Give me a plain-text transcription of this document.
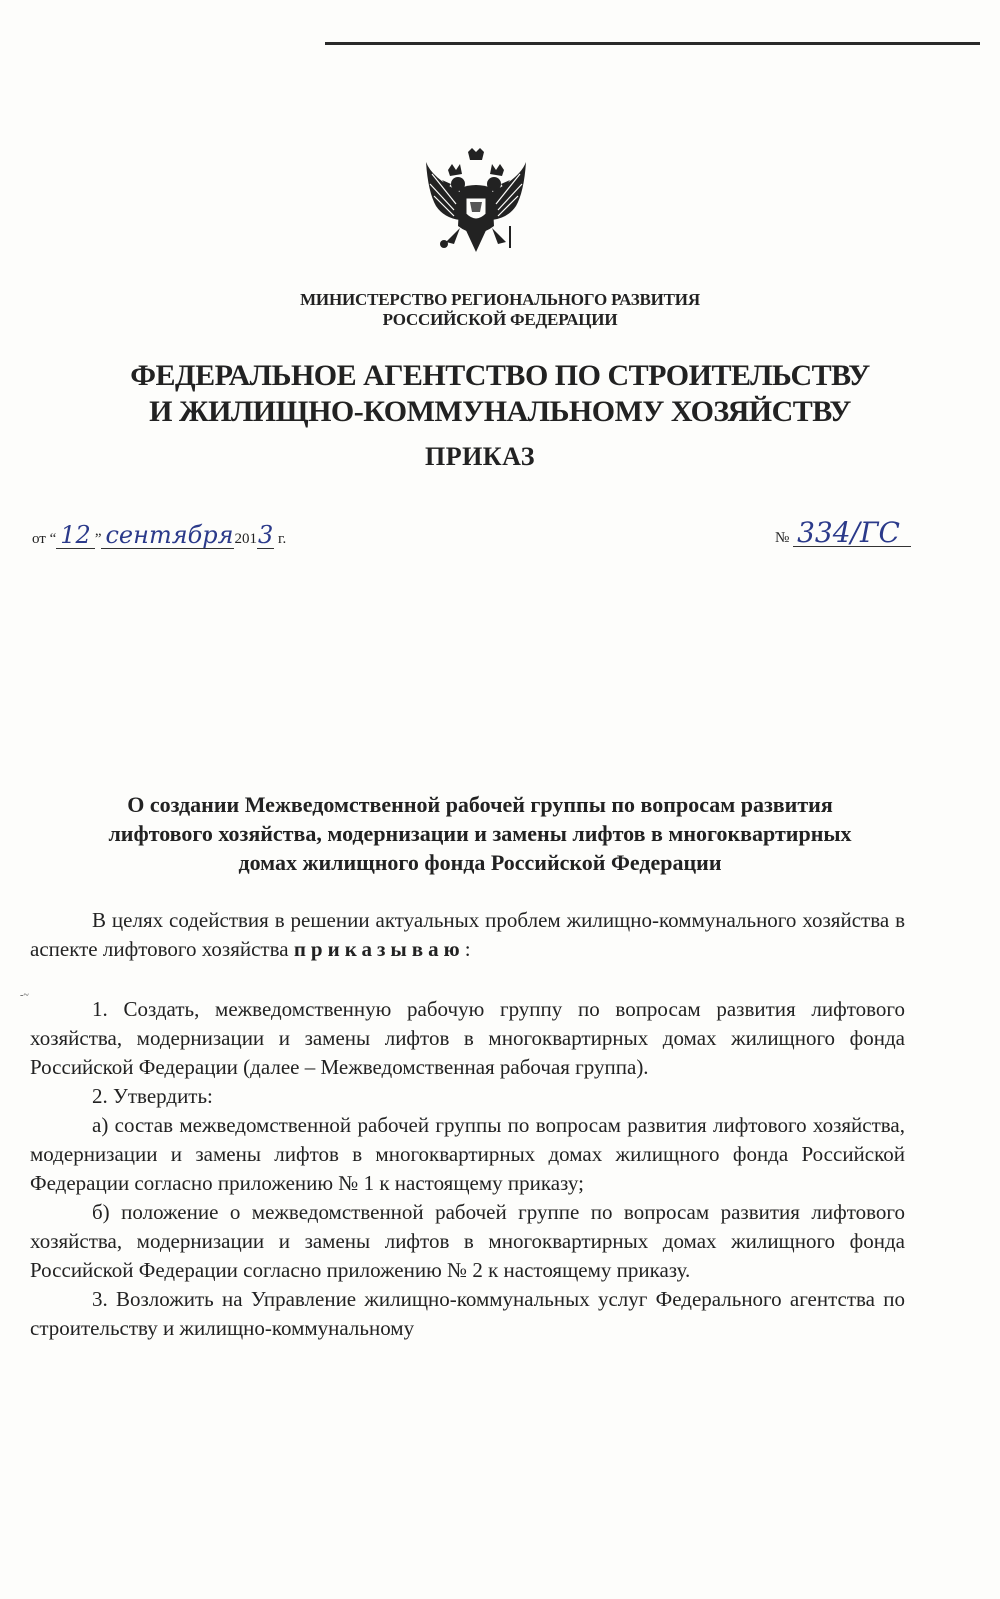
МИНИСТЕРСТВО РЕГИОНАЛЬНОГО РАЗВИТИЯ
РОССИЙСКОЙ ФЕДЕРАЦИИ
ФЕДЕРАЛЬНОЕ АГЕНТСТВО ПО СТРОИТЕЛЬСТВУ
И ЖИЛИЩНО-КОММУНАЛЬНОМУ ХОЗЯЙСТВУ
ПРИКАЗ
от “ 12 ” сентября2013 г.	№ 334/ГС
О создании Межведомственной рабочей группы по вопросам развития
лифтового хозяйства, модернизации и замены лифтов в многоквартирных
домах жилищного фонда Российской Федерации

В целях содействия в решении актуальных проблем жилищно-коммунального хозяйства в аспекте лифтового хозяйства приказываю:

-~

1. Создать, межведомственную рабочую группу по вопросам развития лифтового хозяйства, модернизации и замены лифтов в многоквартирных домах жилищного фонда Российской Федерации (далее – Межведомственная рабочая группа).

2. Утвердить:

а) состав межведомственной рабочей группы по вопросам развития лифтового хозяйства, модернизации и замены лифтов в многоквартирных домах жилищного фонда Российской Федерации согласно приложению № 1 к настоящему приказу;

б) положение о межведомственной рабочей группе по вопросам развития лифтового хозяйства, модернизации и замены лифтов в многоквартирных домах жилищного фонда Российской Федерации согласно приложению № 2 к настоящему приказу.

3. Возложить на Управление жилищно-коммунальных услуг Федерального агентства по строительству и жилищно-коммунальному
